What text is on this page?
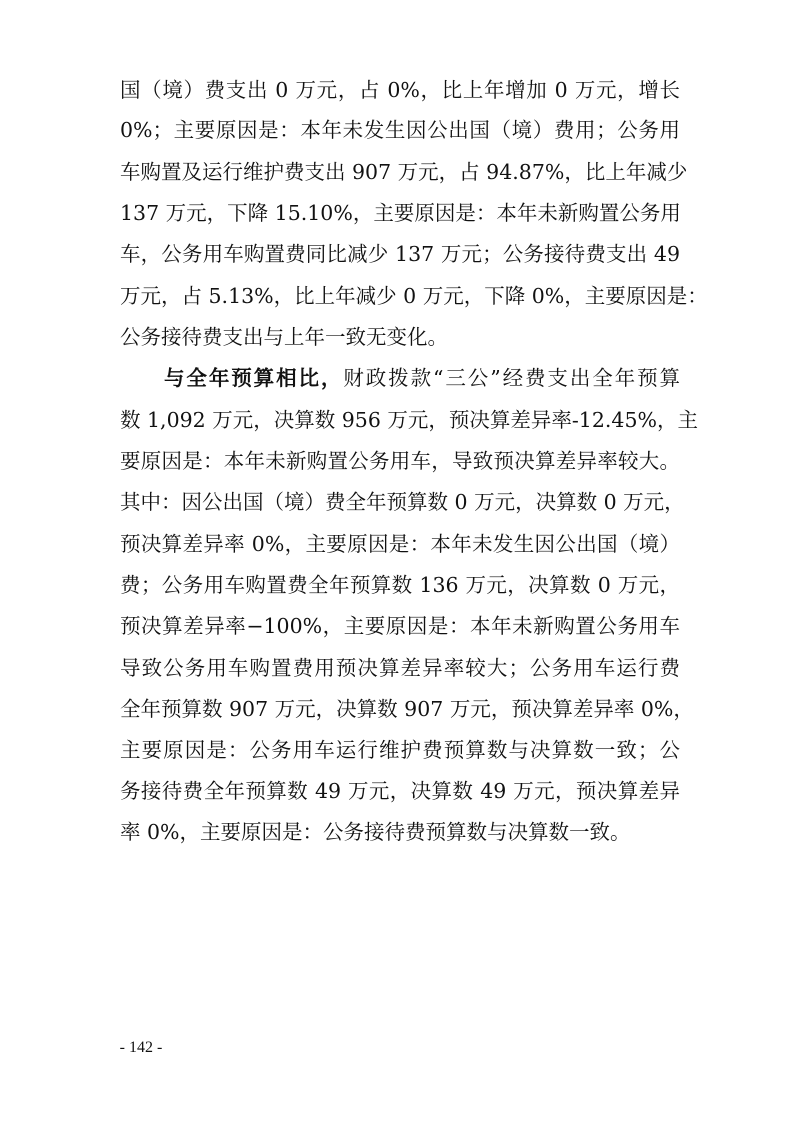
国（境）费支出 0 万元，占 0%，比上年增加 0 万元，增长
0%；主要原因是：本年未发生因公出国（境）费用；公务用
车购置及运行维护费支出 907 万元，占 94.87%，比上年减少
137 万元，下降 15.10%，主要原因是：本年未新购置公务用
车，公务用车购置费同比减少 137 万元；公务接待费支出 49
万元，占 5.13%，比上年减少 0 万元，下降 0%，主要原因是：
公务接待费支出与上年一致无变化。
与全年预算相比，财政拨款“三公”经费支出全年预算
数 1,092 万元，决算数 956 万元，预决算差异率-12.45%，主
要原因是：本年未新购置公务用车，导致预决算差异率较大。
其中：因公出国（境）费全年预算数 0 万元，决算数 0 万元，
预决算差异率 0%，主要原因是：本年未发生因公出国（境）
费；公务用车购置费全年预算数 136 万元，决算数 0 万元，
预决算差异率−100%，主要原因是：本年未新购置公务用车
导致公务用车购置费用预决算差异率较大；公务用车运行费
全年预算数 907 万元，决算数 907 万元，预决算差异率 0%，
主要原因是：公务用车运行维护费预算数与决算数一致；公
务接待费全年预算数 49 万元，决算数 49 万元，预决算差异
率 0%，主要原因是：公务接待费预算数与决算数一致。
- 142 -
